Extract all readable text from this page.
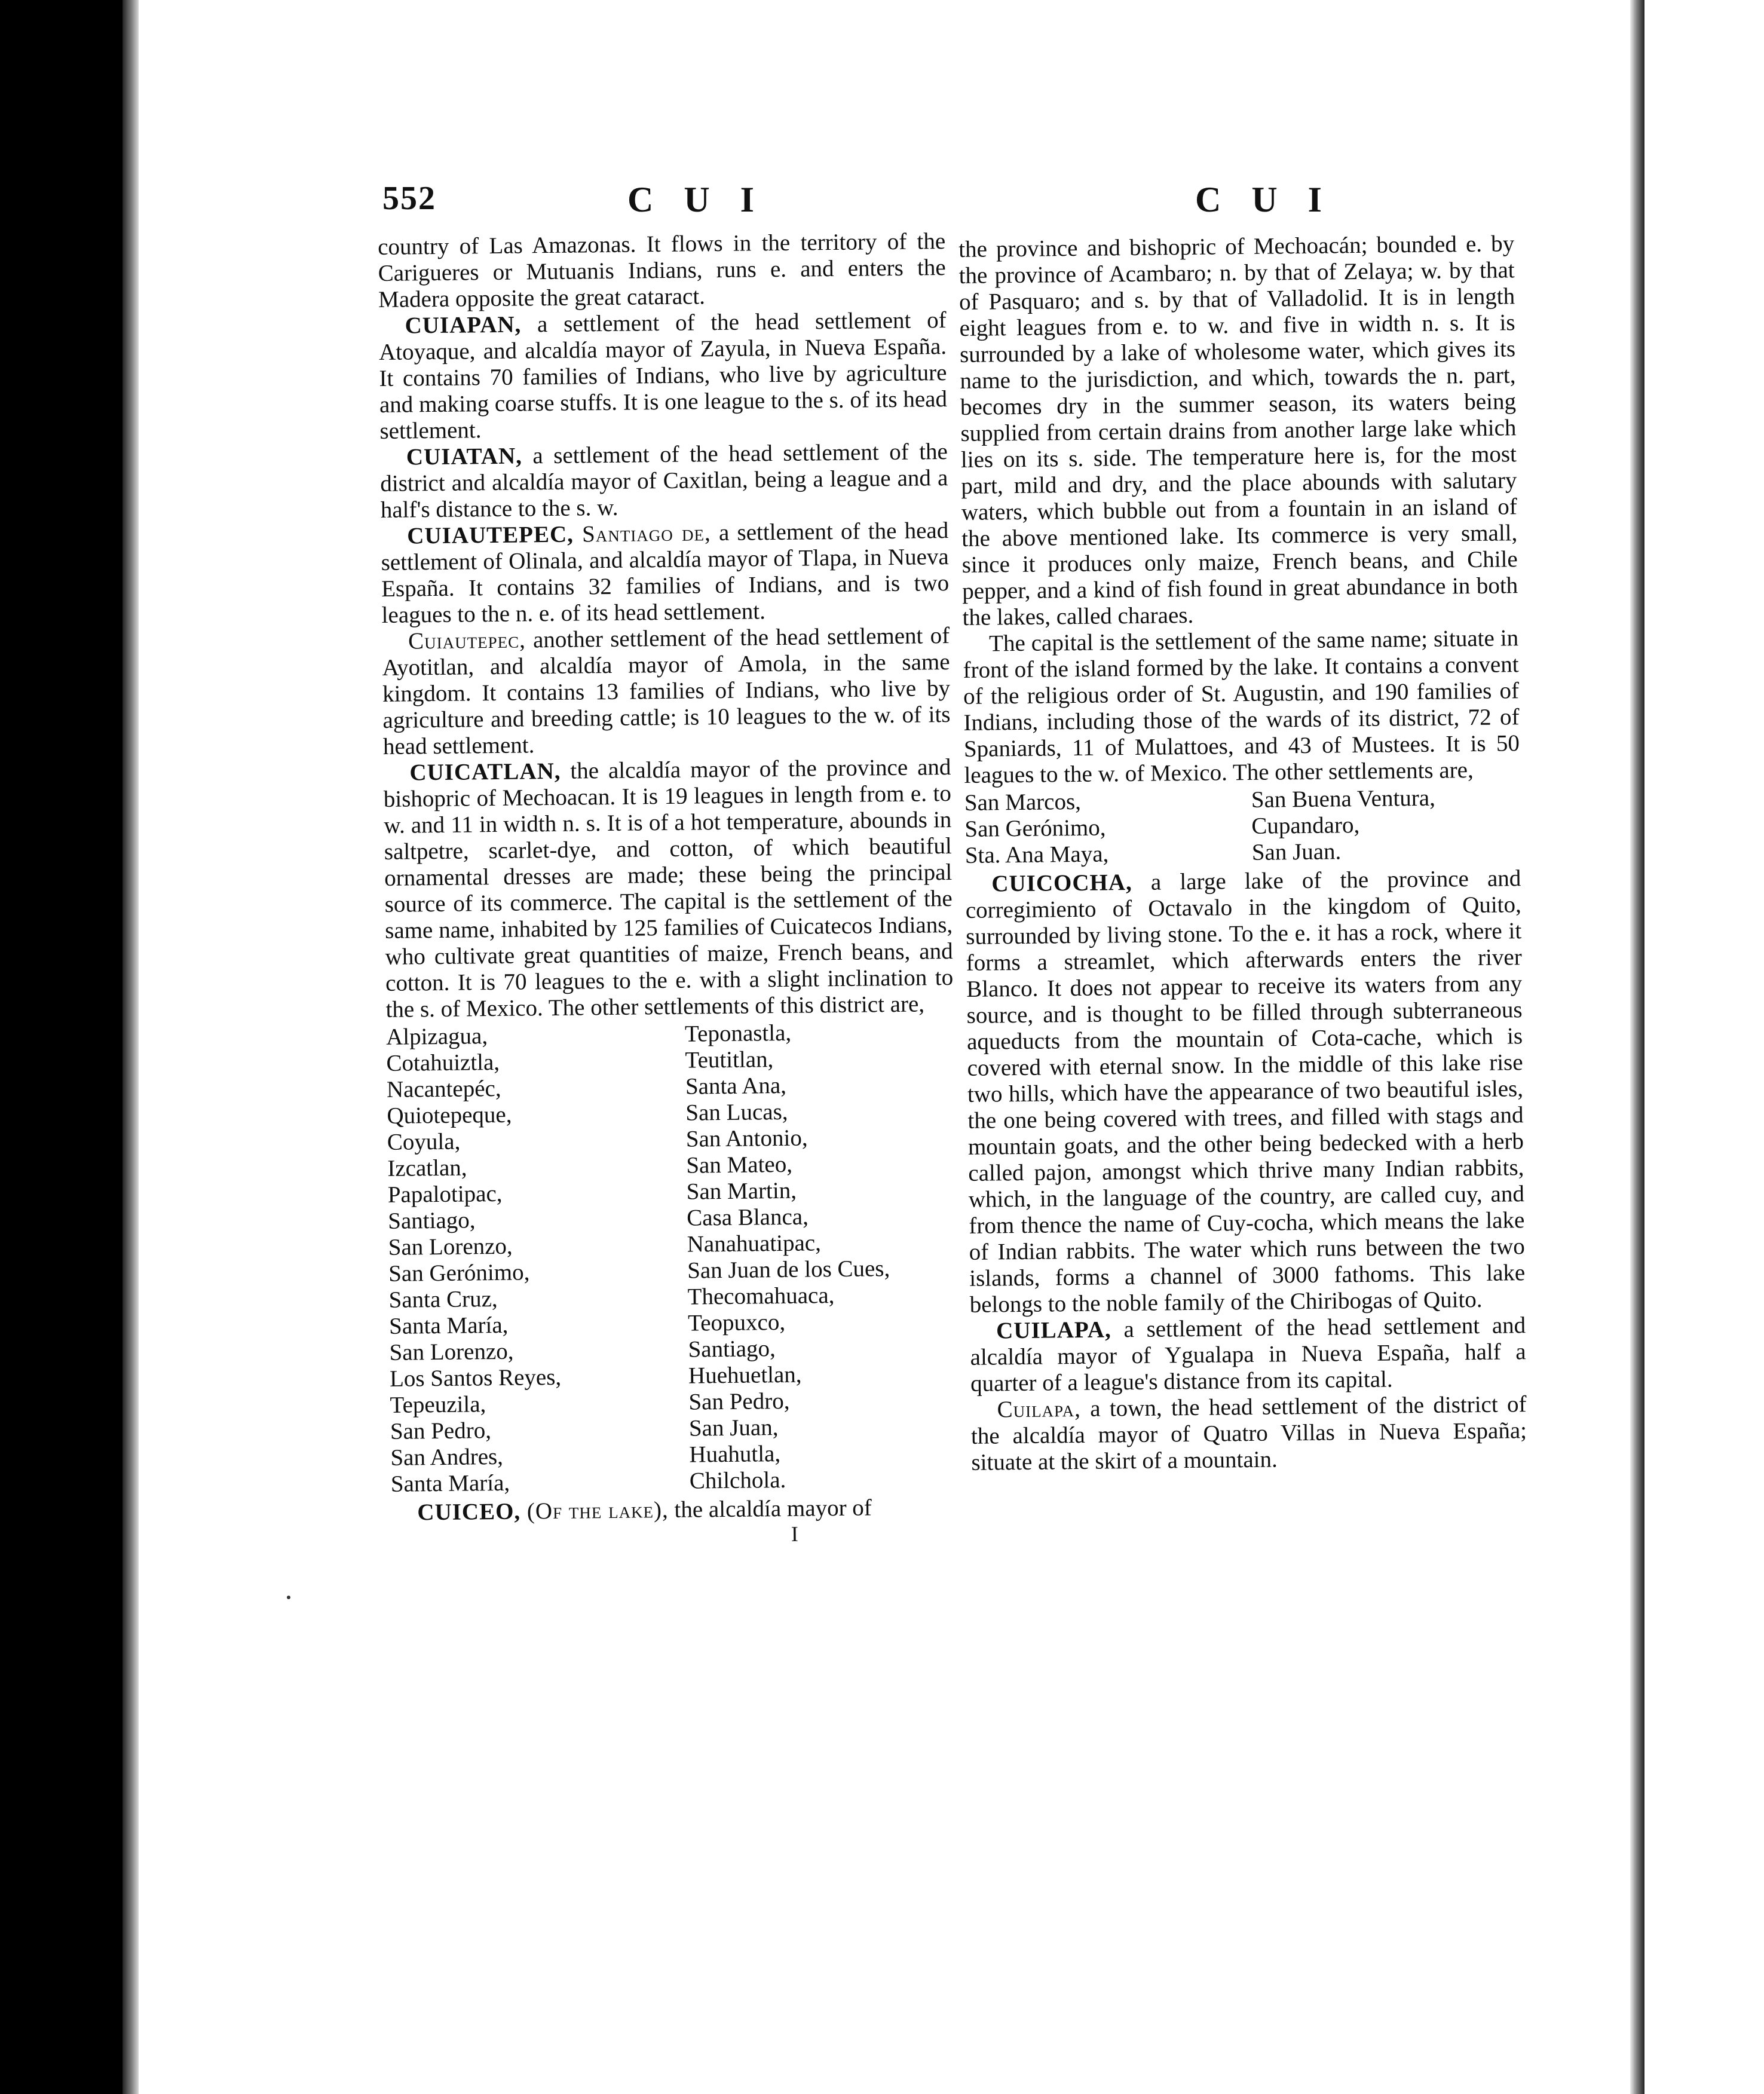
552	C U I	C U I

country of Las Amazonas. It flows in the territory of the Carigueres or Mutuanis Indians, runs e. and enters the Madera opposite the great cataract.

CUIAPAN, a settlement of the head settlement of Atoyaque, and alcaldía mayor of Zayula, in Nueva España. It contains 70 families of Indians, who live by agriculture and making coarse stuffs. It is one league to the s. of its head settlement.

CUIATAN, a settlement of the head settlement of the district and alcaldía mayor of Caxitlan, being a league and a half's distance to the s. w.

CUIAUTEPEC, Santiago de, a settlement of the head settlement of Olinala, and alcaldía mayor of Tlapa, in Nueva España. It contains 32 families of Indians, and is two leagues to the n. e. of its head settlement.

Cuiautepec, another settlement of the head settlement of Ayotitlan, and alcaldía mayor of Amola, in the same kingdom. It contains 13 families of Indians, who live by agriculture and breeding cattle; is 10 leagues to the w. of its head settlement.

CUICATLAN, the alcaldía mayor of the province and bishopric of Mechoacan. It is 19 leagues in length from e. to w. and 11 in width n. s. It is of a hot temperature, abounds in saltpetre, scarlet-dye, and cotton, of which beautiful ornamental dresses are made; these being the principal source of its commerce. The capital is the settlement of the same name, inhabited by 125 families of Cuicatecos Indians, who cultivate great quantities of maize, French beans, and cotton. It is 70 leagues to the e. with a slight inclination to the s. of Mexico. The other settlements of this district are,

Alpizagua,
Cotahuiztla,
Nacantepéc,
Quiotepeque,
Coyula,
Izcatlan,
Papalotipac,
Santiago,
San Lorenzo,
San Gerónimo,
Santa Cruz,
Santa María,
San Lorenzo,
Los Santos Reyes,
Tepeuzila,
San Pedro,
San Andres,
Santa María,
Teponastla,
Teutitlan,
Santa Ana,
San Lucas,
San Antonio,
San Mateo,
San Martin,
Casa Blanca,
Nanahuatipac,
San Juan de los Cues,
Thecomahuaca,
Teopuxco,
Santiago,
Huehuetlan,
San Pedro,
San Juan,
Huahutla,
Chilchola.

CUICEO, (Of the lake), the alcaldía mayor of

I

the province and bishopric of Mechoacán; bounded e. by the province of Acambaro; n. by that of Zelaya; w. by that of Pasquaro; and s. by that of Valladolid. It is in length eight leagues from e. to w. and five in width n. s. It is surrounded by a lake of wholesome water, which gives its name to the jurisdiction, and which, towards the n. part, becomes dry in the summer season, its waters being supplied from certain drains from another large lake which lies on its s. side. The temperature here is, for the most part, mild and dry, and the place abounds with salutary waters, which bubble out from a fountain in an island of the above mentioned lake. Its commerce is very small, since it produces only maize, French beans, and Chile pepper, and a kind of fish found in great abundance in both the lakes, called charaes.

The capital is the settlement of the same name; situate in front of the island formed by the lake. It contains a convent of the religious order of St. Augustin, and 190 families of Indians, including those of the wards of its district, 72 of Spaniards, 11 of Mulattoes, and 43 of Mustees. It is 50 leagues to the w. of Mexico. The other settlements are,

San Marcos,
San Gerónimo,
Sta. Ana Maya,
San Buena Ventura,
Cupandaro,
San Juan.

CUICOCHA, a large lake of the province and corregimiento of Octavalo in the kingdom of Quito, surrounded by living stone. To the e. it has a rock, where it forms a streamlet, which afterwards enters the river Blanco. It does not appear to receive its waters from any source, and is thought to be filled through subterraneous aqueducts from the mountain of Cota-cache, which is covered with eternal snow. In the middle of this lake rise two hills, which have the appearance of two beautiful isles, the one being covered with trees, and filled with stags and mountain goats, and the other being bedecked with a herb called pajon, amongst which thrive many Indian rabbits, which, in the language of the country, are called cuy, and from thence the name of Cuy-cocha, which means the lake of Indian rabbits. The water which runs between the two islands, forms a channel of 3000 fathoms. This lake belongs to the noble family of the Chiribogas of Quito.

CUILAPA, a settlement of the head settlement and alcaldía mayor of Ygualapa in Nueva España, half a quarter of a league's distance from its capital.

Cuilapa, a town, the head settlement of the district of the alcaldía mayor of Quatro Villas in Nueva España; situate at the skirt of a mountain.
